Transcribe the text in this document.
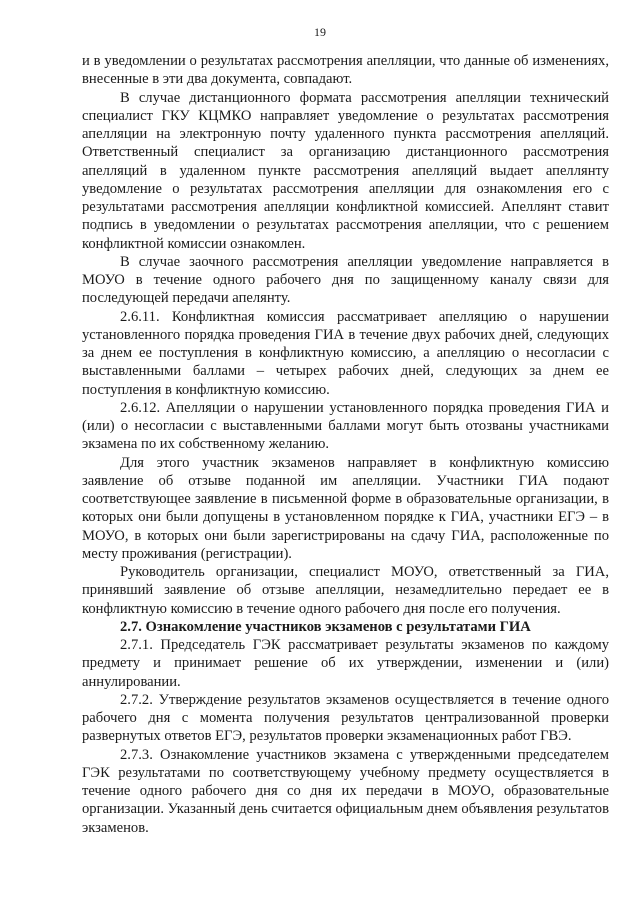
19

и в уведомлении о результатах рассмотрения апелляции, что данные об изменениях, внесенные в эти два документа, совпадают.

В случае дистанционного формата рассмотрения апелляции технический специалист ГКУ КЦМКО направляет уведомление о результатах рассмотрения апелляции на электронную почту удаленного пункта рассмотрения апелляций. Ответственный специалист за организацию дистанционного рассмотрения апелляций в удаленном пункте рассмотрения апелляций выдает апеллянту уведомление о результатах рассмотрения апелляции для ознакомления его с результатами рассмотрения апелляции конфликтной комиссией. Апеллянт ставит подпись в уведомлении о результатах рассмотрения апелляции, что с решением конфликтной комиссии ознакомлен.

В случае заочного рассмотрения апелляции уведомление направляется в МОУО в течение одного рабочего дня по защищенному каналу связи для последующей передачи апелянту.

2.6.11. Конфликтная комиссия рассматривает апелляцию о нарушении установленного порядка проведения ГИА в течение двух рабочих дней, следующих за днем ее поступления в конфликтную комиссию, а апелляцию о несогласии с выставленными баллами – четырех рабочих дней, следующих за днем ее поступления в конфликтную комиссию.

2.6.12. Апелляции о нарушении установленного порядка проведения ГИА и (или) о несогласии с выставленными баллами могут быть отозваны участниками экзамена по их собственному желанию.

Для этого участник экзаменов направляет в конфликтную комиссию заявление об отзыве поданной им апелляции. Участники ГИА подают соответствующее заявление в письменной форме в образовательные организации, в которых они были допущены в установленном порядке к ГИА, участники ЕГЭ – в МОУО, в которых они были зарегистрированы на сдачу ГИА, расположенные по месту проживания (регистрации).

Руководитель организации, специалист МОУО, ответственный за ГИА, принявший заявление об отзыве апелляции, незамедлительно передает ее в конфликтную комиссию в течение одного рабочего дня после его получения.

2.7. Ознакомление участников экзаменов с результатами ГИА

2.7.1. Председатель ГЭК рассматривает результаты экзаменов по каждому предмету и принимает решение об их утверждении, изменении и (или) аннулировании.

2.7.2. Утверждение результатов экзаменов осуществляется в течение одного рабочего дня с момента получения результатов централизованной проверки развернутых ответов ЕГЭ, результатов проверки экзаменационных работ ГВЭ.

2.7.3. Ознакомление участников экзамена с утвержденными председателем ГЭК результатами по соответствующему учебному предмету осуществляется в течение одного рабочего дня со дня их передачи в МОУО, образовательные организации. Указанный день считается официальным днем объявления результатов экзаменов.
